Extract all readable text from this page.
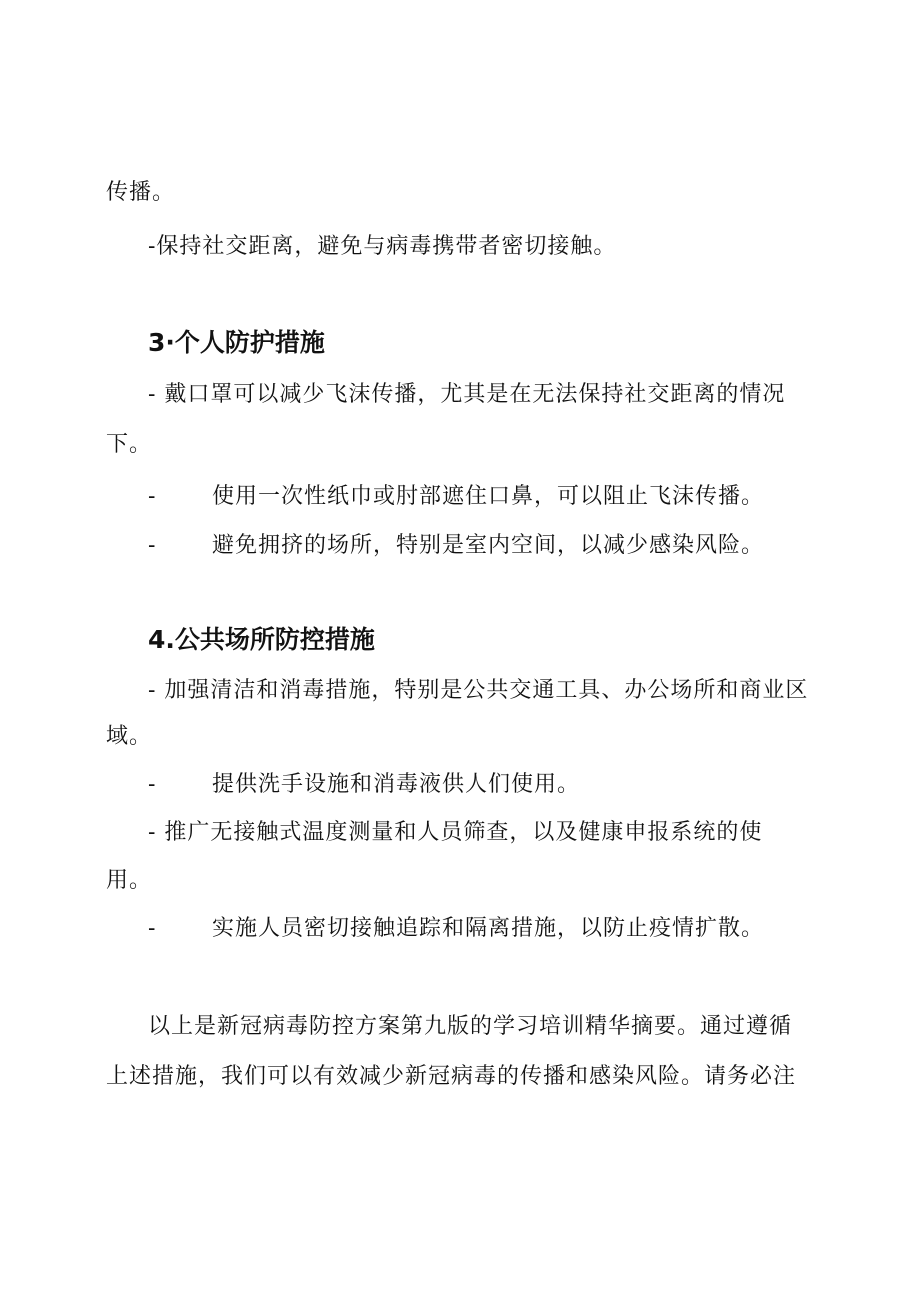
传播。
-保持社交距离，避免与病毒携带者密切接触。
3·个人防护措施
- 戴口罩可以减少飞沫传播，尤其是在无法保持社交距离的情况
下。
-	使用一次性纸巾或肘部遮住口鼻，可以阻止飞沫传播。
-	避免拥挤的场所，特别是室内空间，以减少感染风险。
4.公共场所防控措施
- 加强清洁和消毒措施，特别是公共交通工具、办公场所和商业区
域。
-	提供洗手设施和消毒液供人们使用。
- 推广无接触式温度测量和人员筛查，以及健康申报系统的使
用。
-	实施人员密切接触追踪和隔离措施，以防止疫情扩散。
以上是新冠病毒防控方案第九版的学习培训精华摘要。通过遵循
上述措施，我们可以有效减少新冠病毒的传播和感染风险。请务必注
